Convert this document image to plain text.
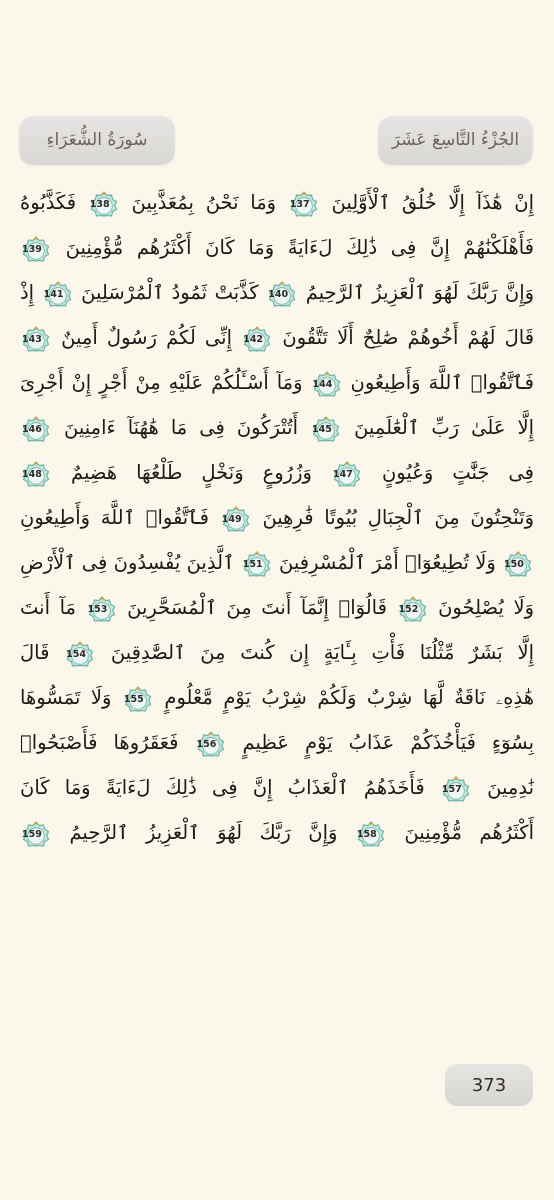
سُورَةُ الشُّعَرَاءِ	الجُزْءُ التَّاسِعَ عَشَرَ
إِنْ هَٰذَآ إِلَّا خُلُقُ ٱلْأَوَّلِينَ
137
وَمَا نَحْنُ بِمُعَذَّبِينَ
138
فَكَذَّبُوهُ
فَأَهْلَكْنَٰهُمْ إِنَّ فِى ذَٰلِكَ لَءَايَةً وَمَا كَانَ أَكْثَرُهُم مُّؤْمِنِينَ
139
وَإِنَّ رَبَّكَ لَهُوَ ٱلْعَزِيزُ ٱلرَّحِيمُ
140
كَذَّبَتْ ثَمُودُ ٱلْمُرْسَلِينَ
141
إِذْ
قَالَ لَهُمْ أَخُوهُمْ صَٰلِحٌ أَلَا تَتَّقُونَ
142
إِنِّى لَكُمْ رَسُولٌ أَمِينٌ
143
فَٱتَّقُوا۟ ٱللَّهَ وَأَطِيعُونِ
144
وَمَآ أَسْـَٔلُكُمْ عَلَيْهِ مِنْ أَجْرٍ إِنْ أَجْرِىَ
إِلَّا عَلَىٰ رَبِّ ٱلْعَٰلَمِينَ
145
أَتُتْرَكُونَ فِى مَا هَٰهُنَآ ءَامِنِينَ
146
فِى جَنَّٰتٍ وَعُيُونٍ
147
وَزُرُوعٍ وَنَخْلٍ طَلْعُهَا هَضِيمٌ
148
وَتَنْحِتُونَ مِنَ ٱلْجِبَالِ بُيُوتًا فَٰرِهِينَ
149
فَٱتَّقُوا۟ ٱللَّهَ وَأَطِيعُونِ
150
وَلَا تُطِيعُوٓا۟ أَمْرَ ٱلْمُسْرِفِينَ
151
ٱلَّذِينَ يُفْسِدُونَ فِى ٱلْأَرْضِ
وَلَا يُصْلِحُونَ
152
قَالُوٓا۟ إِنَّمَآ أَنتَ مِنَ ٱلْمُسَحَّرِينَ
153
مَآ أَنتَ
إِلَّا بَشَرٌ مِّثْلُنَا فَأْتِ بِـَٔايَةٍ إِن كُنتَ مِنَ ٱلصَّٰدِقِينَ
154
قَالَ
هَٰذِهِۦ نَاقَةٌ لَّهَا شِرْبٌ وَلَكُمْ شِرْبُ يَوْمٍ مَّعْلُومٍ
155
وَلَا تَمَسُّوهَا
بِسُوٓءٍ فَيَأْخُذَكُمْ عَذَابُ يَوْمٍ عَظِيمٍ
156
فَعَقَرُوهَا فَأَصْبَحُوا۟
نَٰدِمِينَ
157
فَأَخَذَهُمُ ٱلْعَذَابُ إِنَّ فِى ذَٰلِكَ لَءَايَةً وَمَا كَانَ
أَكْثَرُهُم مُّؤْمِنِينَ
158
وَإِنَّ رَبَّكَ لَهُوَ ٱلْعَزِيزُ ٱلرَّحِيمُ
159
373
